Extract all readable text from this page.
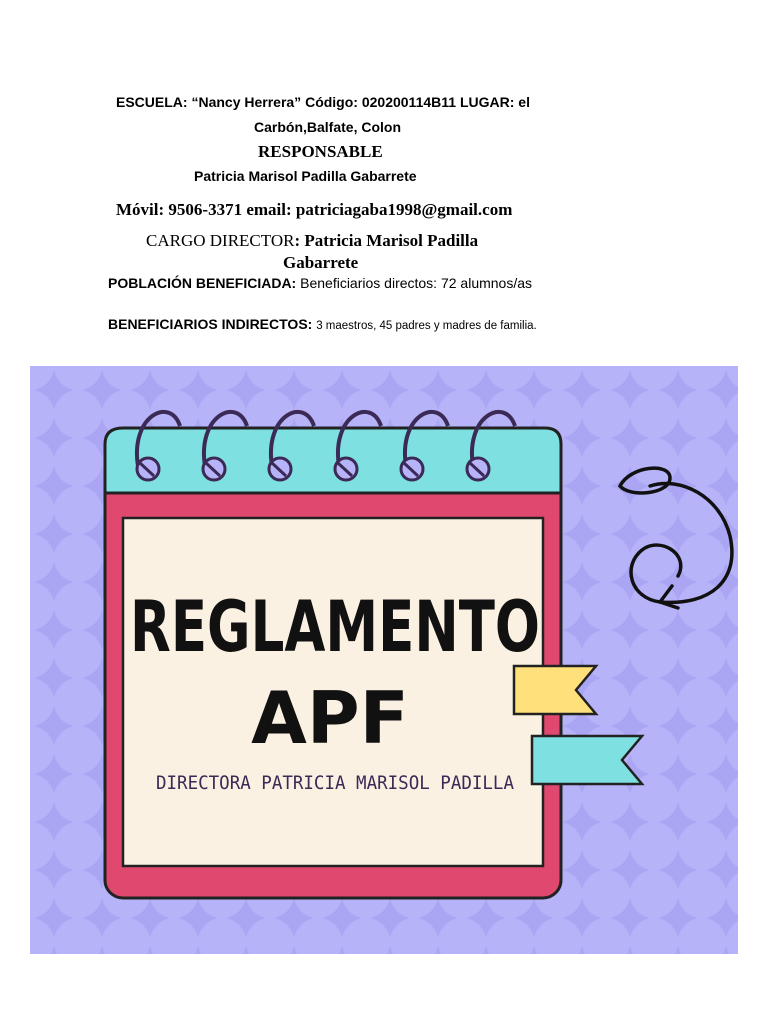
ESCUELA: “Nancy Herrera” Código: 020200114B11 LUGAR: el
Carbón,Balfate, Colon
RESPONSABLE
Patricia Marisol Padilla Gabarrete
Móvil: 9506-3371 email: patriciagaba1998@gmail.com
CARGO DIRECTOR: Patricia Marisol Padilla
Gabarrete
POBLACIÓN BENEFICIADA: Beneficiarios directos: 72 alumnos/as
BENEFICIARIOS INDIRECTOS: 3 maestros, 45 padres y madres de familia.
REGLAMENTO
APF
DIRECTORA PATRICIA MARISOL PADILLA
